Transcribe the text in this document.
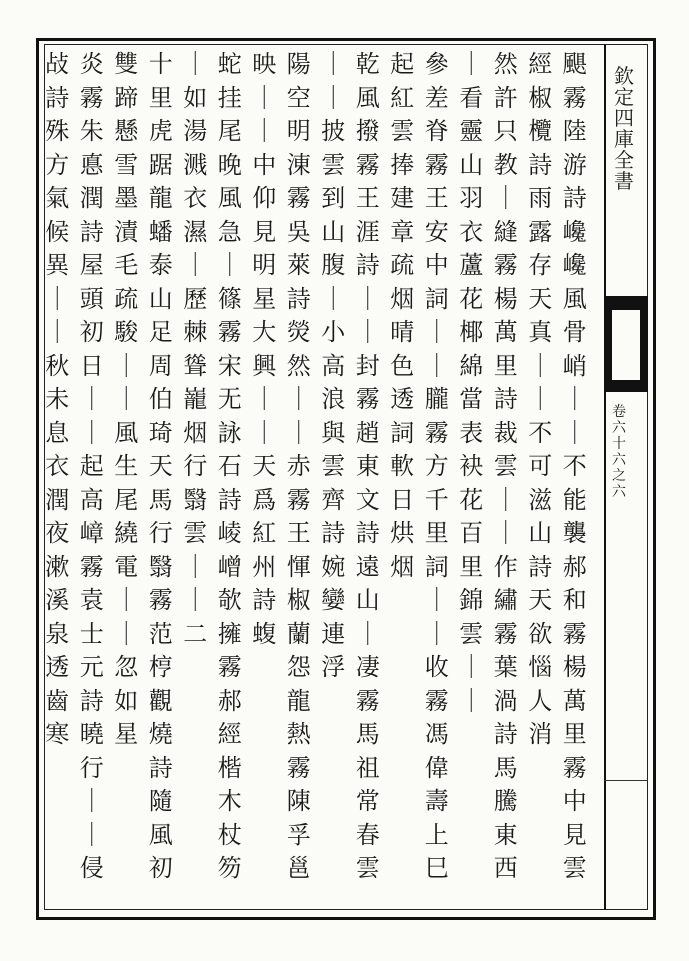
欽
定
四
庫
全
書
卷
六
十
六
之
六
颶
霧
陸
游
詩
巉
巉
風
骨
峭
｜
｜
不
能
襲
郝
和
霧
楊
萬
里
霧
中
見
雲
經
椒
欖
詩
雨
露
存
天
真
｜
｜
不
可
滋
山
詩
天
欲
惱
人
消
然
許
只
教
｜
縫
霧
楊
萬
里
詩
裁
雲
｜
｜
作
繡
霧
葉
渦
詩
馬
騰
東
西
｜
看
靈
山
羽
衣
蘆
花
椰
綿
當
表
袂
花
百
里
錦
雲
｜
｜
參
差
脊
霧
王
安
中
詞
｜
｜
朧
霧
方
千
里
詞
｜
｜
收
霧
馮
偉
壽
上
巳
起
紅
雲
捧
建
章
疏
烟
晴
色
透
詞
軟
日
烘
烟
乾
風
撥
霧
王
涯
詩
｜
｜
封
霧
趙
東
文
詩
遠
山
｜
凄
霧
馬
祖
常
春
雲
｜
｜
披
雲
到
山
腹
｜
小
高
浪
與
雲
齊
詩
婉
孌
連
浮
陽
空
明
涷
霧
吳
萊
詩
熒
然
｜
｜
赤
霧
王
惲
椒
蘭
怨
龍
熱
霧
陳
孚
邕
映
｜
｜
中
仰
見
明
星
大
興
｜
｜
天
爲
紅
州
詩
蝮
蛇
挂
尾
晚
風
急
｜
篠
霧
宋
无
詠
石
詩
崚
嶒
欹
擁
霧
郝
經
楷
木
杖
笏
｜
如
湯
溅
衣
濕
｜
歷
棘
聳
巃
烟
行
翳
雲
｜
｜
二
十
里
虎
踞
龍
蟠
泰
山
足
周
伯
琦
天
馬
行
翳
霧
范
梈
觀
燒
詩
隨
風
初
雙
蹄
懸
雪
墨
漬
毛
疏
駿
｜
｜
風
生
尾
繞
電
｜
｜
忽
如
星
炎
霧
朱
悳
潤
詩
屋
頭
初
日
｜
｜
起
高
嶂
霧
袁
士
元
詩
曉
行
｜
｜
侵
敁
詩
殊
方
氣
候
異
｜
｜
秋
未
息
衣
潤
夜
漱
溪
泉
透
齒
寒
